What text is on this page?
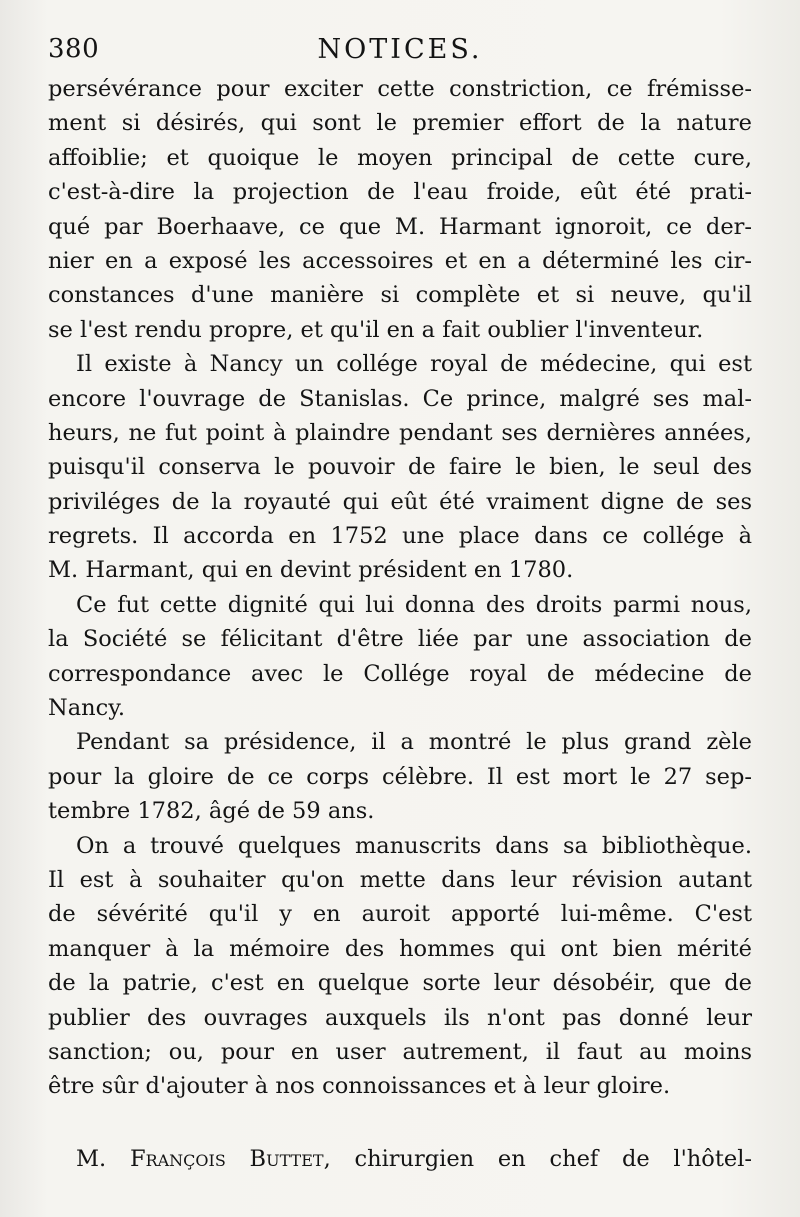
380	NOTICES.
persévérance pour exciter cette constriction, ce frémisse-
ment si désirés, qui sont le premier effort de la nature
affoiblie; et quoique le moyen principal de cette cure,
c'est-à-dire la projection de l'eau froide, eût été prati-
qué par Boerhaave, ce que M. Harmant ignoroit, ce der-
nier en a exposé les accessoires et en a déterminé les cir-
constances d'une manière si complète et si neuve, qu'il
se l'est rendu propre, et qu'il en a fait oublier l'inventeur.
Il existe à Nancy un collége royal de médecine, qui est
encore l'ouvrage de Stanislas. Ce prince, malgré ses mal-
heurs, ne fut point à plaindre pendant ses dernières années,
puisqu'il conserva le pouvoir de faire le bien, le seul des
priviléges de la royauté qui eût été vraiment digne de ses
regrets. Il accorda en 1752 une place dans ce collége à
M. Harmant, qui en devint président en 1780.
Ce fut cette dignité qui lui donna des droits parmi nous,
la Société se félicitant d'être liée par une association de
correspondance avec le Collége royal de médecine de
Nancy.
Pendant sa présidence, il a montré le plus grand zèle
pour la gloire de ce corps célèbre. Il est mort le 27 sep-
tembre 1782, âgé de 59 ans.
On a trouvé quelques manuscrits dans sa bibliothèque.
Il est à souhaiter qu'on mette dans leur révision autant
de sévérité qu'il y en auroit apporté lui-même. C'est
manquer à la mémoire des hommes qui ont bien mérité
de la patrie, c'est en quelque sorte leur désobéir, que de
publier des ouvrages auxquels ils n'ont pas donné leur
sanction; ou, pour en user autrement, il faut au moins
être sûr d'ajouter à nos connoissances et à leur gloire.
M. François Buttet, chirurgien en chef de l'hôtel-
